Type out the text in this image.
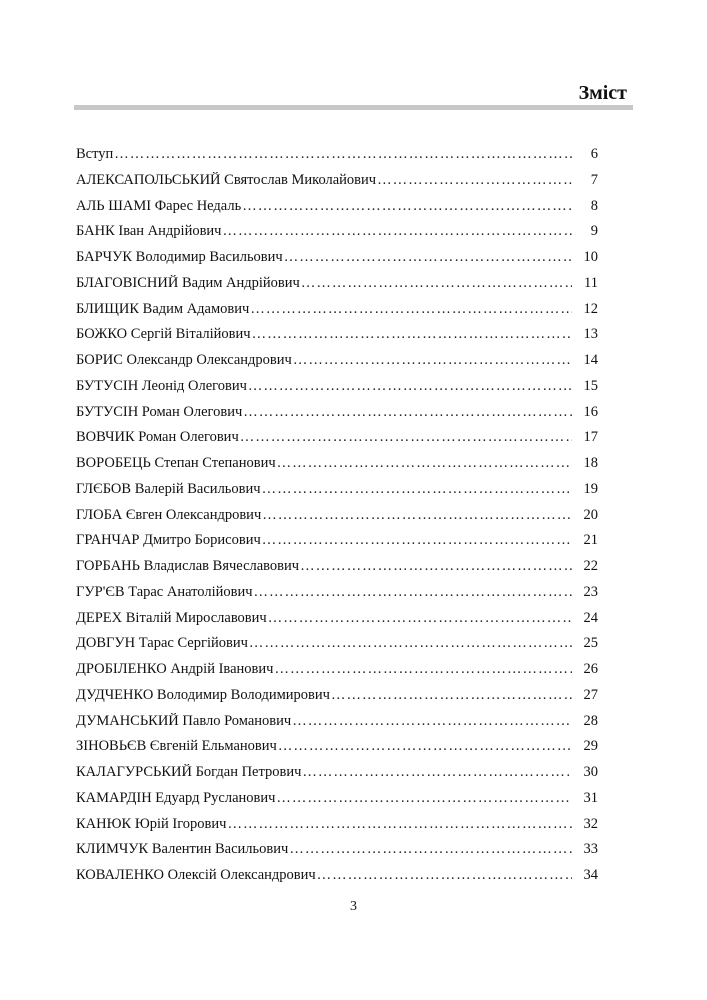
Зміст
Вступ …………………………………………………………………………………………………………………………	6
АЛЕКСАПОЛЬСЬКИЙ Святослав Миколайович …………………………………………………………………………………………………………………………	7
АЛЬ ШАМІ Фарес Недаль …………………………………………………………………………………………………………………………	8
БАНК Іван Андрійович …………………………………………………………………………………………………………………………	9
БАРЧУК Володимир Васильович …………………………………………………………………………………………………………………………	10
БЛАГОВІСНИЙ Вадим Андрійович …………………………………………………………………………………………………………………………	11
БЛИЩИК Вадим Адамович …………………………………………………………………………………………………………………………	12
БОЖКО Сергій Віталійович …………………………………………………………………………………………………………………………	13
БОРИС Олександр Олександрович …………………………………………………………………………………………………………………………	14
БУТУСІН Леонід Олегович …………………………………………………………………………………………………………………………	15
БУТУСІН Роман Олегович …………………………………………………………………………………………………………………………	16
ВОВЧИК Роман Олегович …………………………………………………………………………………………………………………………	17
ВОРОБЕЦЬ Степан Степанович …………………………………………………………………………………………………………………………	18
ГЛЄБОВ Валерій Васильович …………………………………………………………………………………………………………………………	19
ГЛОБА Євген Олександрович …………………………………………………………………………………………………………………………	20
ГРАНЧАР Дмитро Борисович …………………………………………………………………………………………………………………………	21
ГОРБАНЬ Владислав Вячеславович …………………………………………………………………………………………………………………………	22
ГУР'ЄВ Тарас Анатолійович …………………………………………………………………………………………………………………………	23
ДЕРЕХ Віталій Мирославович …………………………………………………………………………………………………………………………	24
ДОВГУН Тарас Сергійович …………………………………………………………………………………………………………………………	25
ДРОБІЛЕНКО Андрій Іванович …………………………………………………………………………………………………………………………	26
ДУДЧЕНКО Володимир Володимирович …………………………………………………………………………………………………………………………	27
ДУМАНСЬКИЙ Павло Романович …………………………………………………………………………………………………………………………	28
ЗІНОВЬЄВ Євгеній Ельманович …………………………………………………………………………………………………………………………	29
КАЛАГУРСЬКИЙ Богдан Петрович …………………………………………………………………………………………………………………………	30
КАМАРДІН Едуард Русланович …………………………………………………………………………………………………………………………	31
КАНЮК Юрій Ігорович …………………………………………………………………………………………………………………………	32
КЛИМЧУК Валентин Васильович …………………………………………………………………………………………………………………………	33
КОВАЛЕНКО Олексій Олександрович …………………………………………………………………………………………………………………………	34
3
